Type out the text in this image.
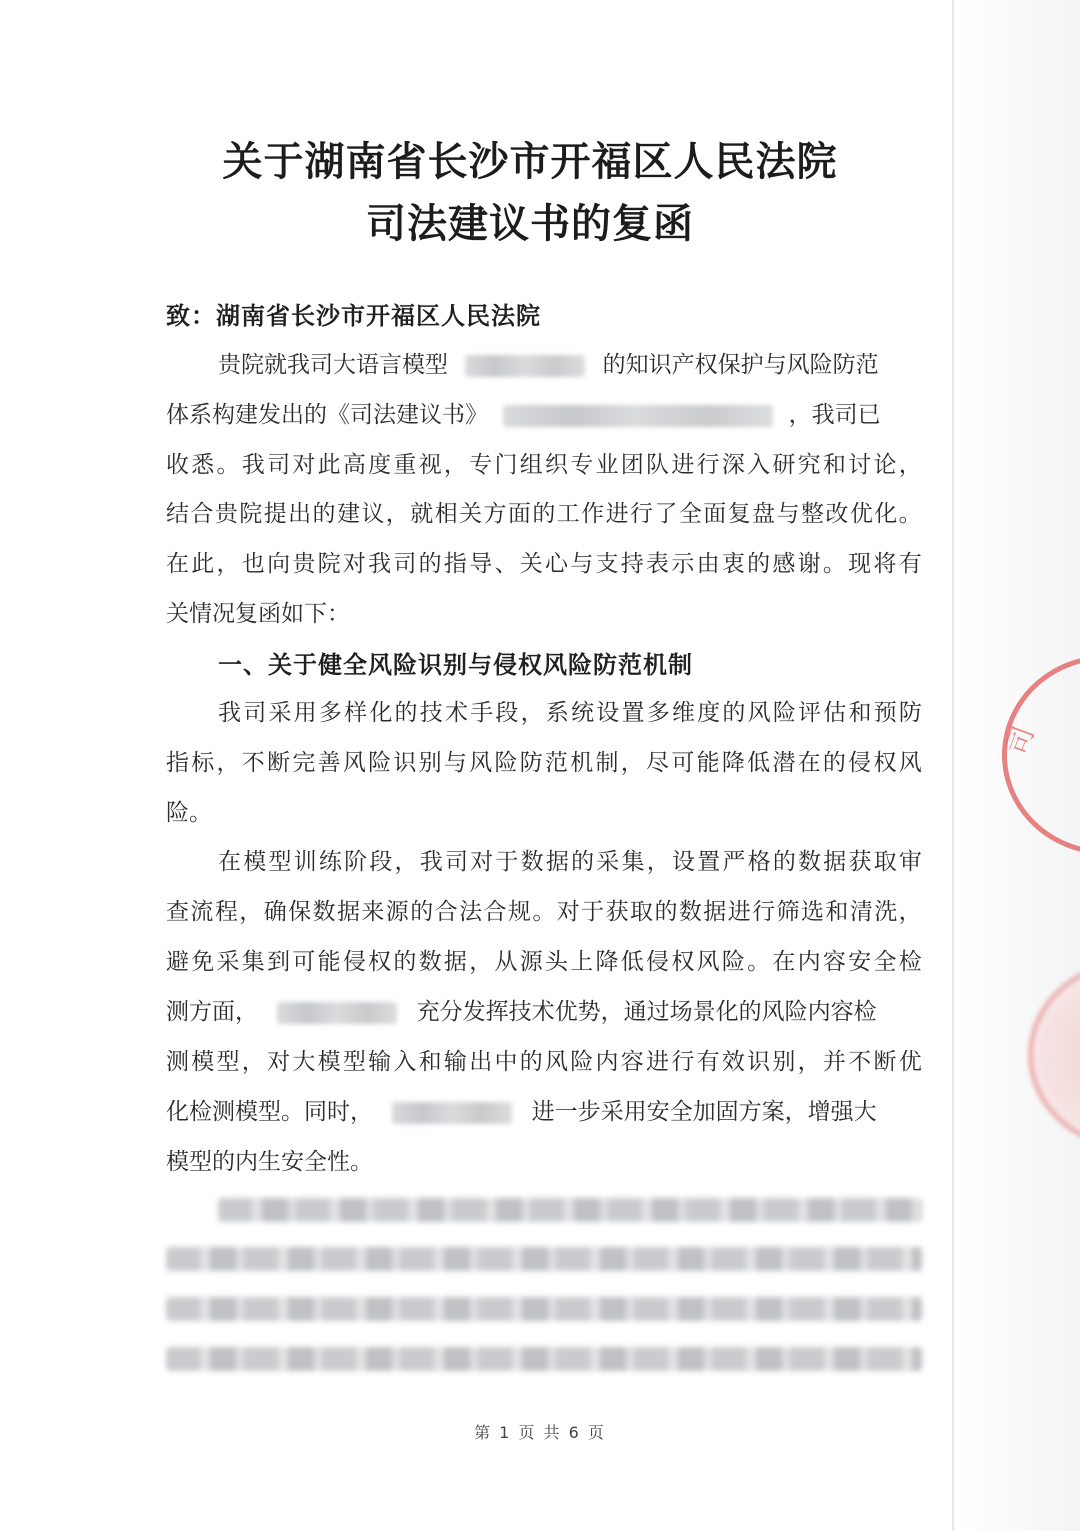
关于湖南省长沙市开福区人民法院
司法建议书的复函
致：湖南省长沙市开福区人民法院
贵院就我司大语言模型	的知识产权保护与风险防范
体系构建发出的《司法建议书》	，我司已
收 悉 。 我 司 对 此 高 度 重 视 ， 专 门 组 织 专 业 团 队 进 行 深 入 研 究 和 讨 论 ，
结 合 贵 院 提 出 的 建 议 ， 就 相 关 方 面 的 工 作 进 行 了 全 面 复 盘 与 整 改 优 化 。
在 此 ， 也 向 贵 院 对 我 司 的 指 导 、 关 心 与 支 持 表 示 由 衷 的 感 谢 。 现 将 有
关情况复函如下：
一、关于健全风险识别与侵权风险防范机制
我 司 采 用 多 样 化 的 技 术 手 段 ， 系 统 设 置 多 维 度 的 风 险 评 估 和 预 防
指 标 ， 不 断 完 善 风 险 识 别 与 风 险 防 范 机 制 ， 尽 可 能 降 低 潜 在 的 侵 权 风
险。
在 模 型 训 练 阶 段 ， 我 司 对 于 数 据 的 采 集 ， 设 置 严 格 的 数 据 获 取 审
查 流 程 ， 确 保 数 据 来 源 的 合 法 合 规 。 对 于 获 取 的 数 据 进 行 筛 选 和 清 洗 ，
避 免 采 集 到 可 能 侵 权 的 数 据 ， 从 源 头 上 降 低 侵 权 风 险 。 在 内 容 安 全 检
测方面，	充分发挥技术优势，通过场景化的风险内容检
测 模 型 ， 对 大 模 型 输 入 和 输 出 中 的 风 险 内 容 进 行 有 效 识 别 ， 并 不 断 优
化检测模型。同时，	进一步采用安全加固方案，增强大
模型的内生安全性。
司
第 1 页 共 6 页
